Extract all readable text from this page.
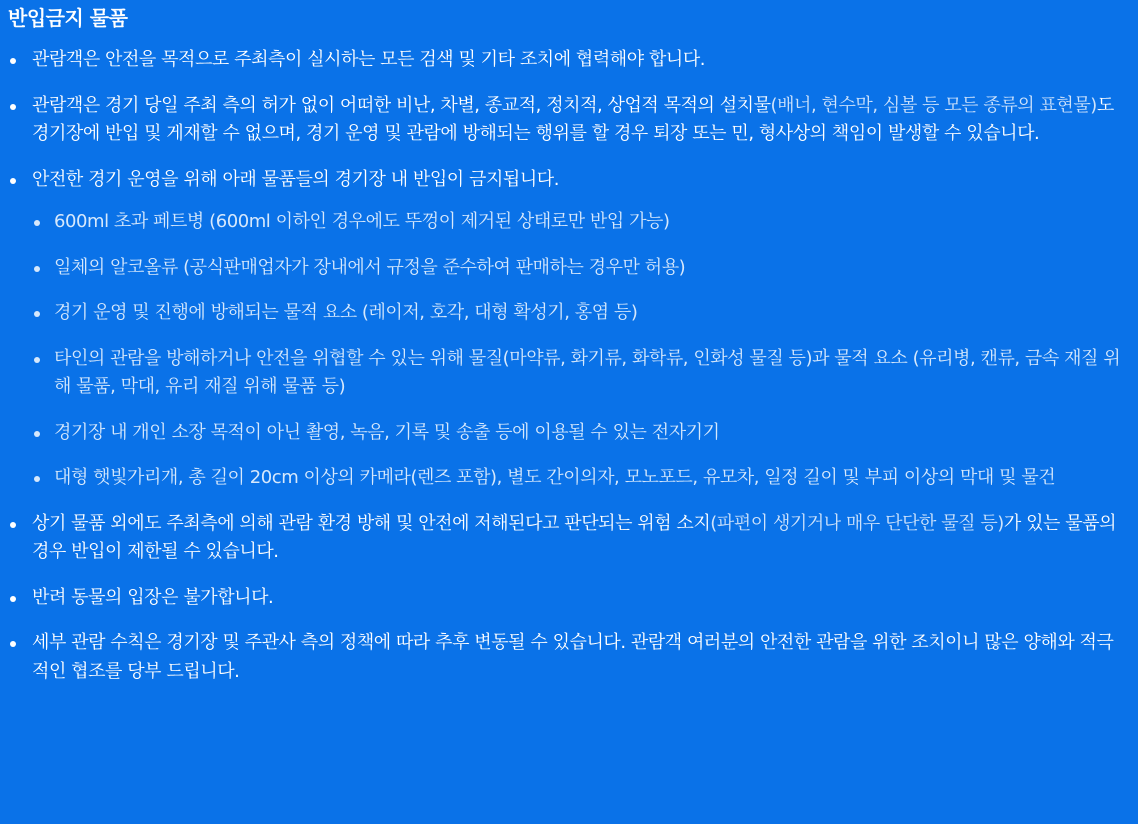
반입금지 물품
관람객은 안전을 목적으로 주최측이 실시하는 모든 검색 및 기타 조치에 협력해야 합니다.
관람객은 경기 당일 주최 측의 허가 없이 어떠한 비난, 차별, 종교적, 정치적, 상업적 목적의 설치물(배너, 현수막, 심볼 등 모든 종류의 표현물)도 경기장에 반입 및 게재할 수 없으며, 경기 운영 및 관람에 방해되는 행위를 할 경우 퇴장 또는 민, 형사상의 책임이 발생할 수 있습니다.
안전한 경기 운영을 위해 아래 물품들의 경기장 내 반입이 금지됩니다.
600ml 초과 페트병 (600ml 이하인 경우에도 뚜껑이 제거된 상태로만 반입 가능)
일체의 알코올류 (공식판매업자가 장내에서 규정을 준수하여 판매하는 경우만 허용)
경기 운영 및 진행에 방해되는 물적 요소 (레이저, 호각, 대형 확성기, 홍염 등)
타인의 관람을 방해하거나 안전을 위협할 수 있는 위해 물질(마약류, 화기류, 화학류, 인화성 물질 등)과 물적 요소 (유리병, 캔류, 금속 재질 위해 물품, 막대, 유리 재질 위해 물품 등)
경기장 내 개인 소장 목적이 아닌 촬영, 녹음, 기록 및 송출 등에 이용될 수 있는 전자기기
대형 햇빛가리개, 총 길이 20cm 이상의 카메라(렌즈 포함), 별도 간이의자, 모노포드, 유모차, 일정 길이 및 부피 이상의 막대 및 물건
상기 물품 외에도 주최측에 의해 관람 환경 방해 및 안전에 저해된다고 판단되는 위험 소지(파편이 생기거나 매우 단단한 물질 등)가 있는 물품의 경우 반입이 제한될 수 있습니다.
반려 동물의 입장은 불가합니다.
세부 관람 수칙은 경기장 및 주관사 측의 정책에 따라 추후 변동될 수 있습니다. 관람객 여러분의 안전한 관람을 위한 조치이니 많은 양해와 적극적인 협조를 당부 드립니다.
